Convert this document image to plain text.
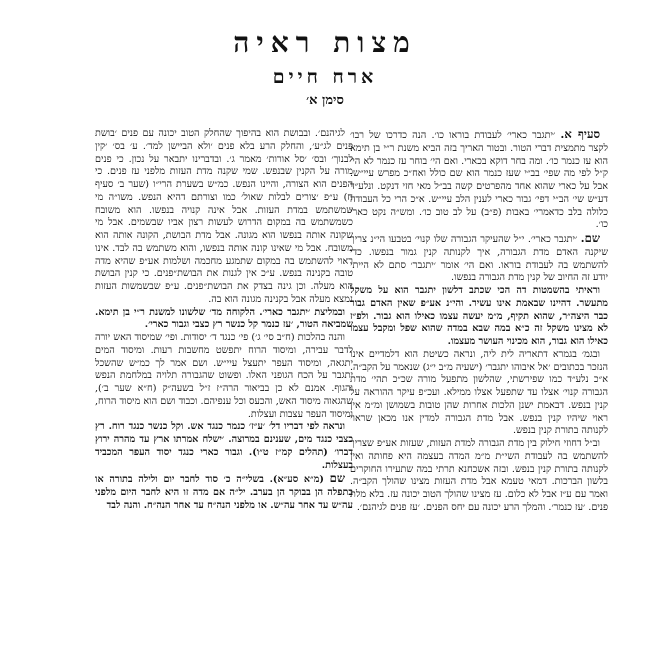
מצות ראיה
ארח חיים
סימן א׳

סעיף א. ׳יתגבר כארי׳ לעבודת בוראו כו׳. הנה כדרכו של רבו׳ לקצר מתמצית דברי הטור. ובטור האריך בזה הביא משנת ר״י בן תימא הוא עז כנמר כו׳. ומה בחר דוקא בכארי. ואם הי׳ בוחר עז כנמר לא הי׳ ק״ל לפי מה שפי׳ בב״י שעז כנמר הוא שם כולל ואח״כ מפרש עיי״ש. אבל על כארי שהוא אחד מהפרטים קשה בב״ל מאי חזי דנקט. ונלע״ד דע״ש שי׳ הב״י דפי׳ גבור כארי לענין הלב עיי״ש. א״כ הרי כל העבודה כלולה בלב כדאמרי׳ באבות (פ״ב) על לב טוב כו׳. ומש״ה נקט כארי כו׳.

שם. ׳יתגבר כארי׳. י״ל שהעיקר הגבורה שלו קנוי׳ בטבעו הי״נ צריך שיקנה האדם מדת הגבורה, איך לקנותה קנין גמור בנפשו. כדי להשתמש בה לעבודת בוראו. ואם הי׳ אומר ׳יתגבר׳ סתם לא הייתי יודע זה החיוב של קנין מדת הגבורה בנפשו.

וראיתי בהשמטות דה הכי שכתב דלשון יתגבר הוא על משקל מתעשר. דהיינו שבאמת אינו עשיר. והי״נ אע״פ שאין האדם גבור כבר היצה״ר, שהוא תקיף, מ״מ יעשה עצמו כאילו הוא גבור. ולפ״ז לא מצינו משקל זה כ״א במה שבא במדה שהוא שפל ומקבל עצמו כאילו הוא גבור, הוא מכינוי העושר מעצמו.

ובגמ׳ בגמרא דתאריה לית ליה, ונראה כשיטת הוא דלמדיים אינו הנזכר בכתובים ׳אל איבוהו יתגבר׳ (ישעיה מ״ב י״ג) שנאמר על הקב״ה. א״כ נלע״ד כמו שפירשתי, שהלשון מתפעל מורה שכ״כ תהי׳ מדת הגבורה קנוי׳ אצלו עד שתפעל אצלו ממילא. ועכ״פ עיקר ההוראה על קנין בנפש. דבאמת ישנן הלכות אחרות שהן טובות בשמושן ומ״מ אין ראוי שיהיו קנין בנפש. אבל מדת הגבורה למדין אנו מכאן שראוי לקנותה בתורת קנין בנפש.

וב״ל דחוזי חילוק בין מדת הגבורה למדת העזות, שעזות אע״פ שצריך להשתמש בה לעבודת השי״ת מ״מ המדה בעצמה היא פחותה ואין לקנותה בתורת קנין בנפש. ובזה אשכחנא תרתי במה שתעירו החוקרים בלשון הברכות. דמאי טעמא אבל מדת העזות מצינו שהולך הקב״ה. ואמר עם ע״ז אבל לא כלום. עז מצינו שהולך הטוב יכונה עז. בלא מלת פנים. ׳עז כנמר׳. והמלך הרע יכונה עם יחס הפנים. ׳עז פנים לגיהנם׳.

לגיהנם׳. ובבושת הוא בהיפוך שהחלק הטוב יכונה עם פנים ׳בושת פנים לג״ע׳, והחלק הרע בלא פנים ׳ולא הביישן למד׳. ע׳ בס׳ ׳קין לבנוך׳ ובס׳ ׳סל אורות׳ מאמר ג׳. ובדברינו יתבאר על נכון. כי פנים מורה על הקנין שבנפש. שמי שקנה מדת העזות מלפני עז פנים. כי הפנים הוא הצורה, והיינו הנפש. כמ״ש בשערת הרי״ו (שער ב׳ סעיף ח) ע״פ ׳צורים לבלות שאול׳ כמו וצורתם דהיא הנפש. משו״ה מי שמשתמש במדת העזות. אבל אינה קנויה בנפשו. הוא משובח כשמשתמש בה במקום הדרוש לעשות רצון אביו שבשמים. אבל מי שקונה אותה בנפשו הוא מגונה. אבל מדת הבושת, הקונה אותה הוא משובח. אבל מי שאינו קונה אותה בנפשו, והוא משתמש בה לבד. אינו ראוי להשתמש בה במקום שתמגע מחכמה ושלמות אע״פ שהיא מדה טובה בקנינה בנפש. ע״כ אין לגנות את הבושת״פנים. כי קנין הבושת הוא מעלה. וכן גינה בצדק את הבושת״פנים. ע״פ שבשמשות העזות נמצא מעלה אבל בקנינה מגונה הוא בה.

ובמליצת ׳יתגבר כארי׳. הלקוחה מד׳ שלשונו למשנת ר״י בן תימא. שמביאה הטור, ׳עז כנמר קל כנשר רץ כצבי וגבור כארי׳.

והנה בהלכות (ח״ב סי׳ ג׳) פי׳ כנגד ד׳ יסודות. ופי׳ שמיסוד האש יורה לדבר עבירה, ומיסוד הרוח יתפשט מחשבות רעות. ומיסוד המים יתגאה, ומיסוד העפר יתעצל עיי״ש. ושם אמר לך כמ״ש שהשכל יתגבר על הכח הגופני האלו. ופשוט שהגבורה תלויה במלחמת הנפש והגוף. אמנם לא כן בביאור הרה״ז ז״ל בשעה״ק (ח״א שער ב׳), שהגאוה מיסוד האש, והכעס וכל ענפיהם. וכבוד ושם הוא מיסוד הרוח, ומיסוד העפר עצבות ועצלות.

ונראה לפי דבריו דל׳ ׳ע״ז׳ כנמר כנגד אש. וקל כנשר כנגד רוח. רץ כצבי כנגד מים, שענינם במרוצה. ׳ישלח אמרתו ארץ עד מהרה ירוץ דברו׳ (תהלים קמ״ז ט״ו). וגבור כארי כנגד יסוד העפר המכביד בעצלות.

שם (מ״א סע״א). בשלי״ה כ׳ סוד לחבר יום ולילה בתורה או בתפלה הן בבוקר הן בערב. יל״ה אם מדה זו היא לחבר היום מלפני עה״ש עד אחר עה״ש. או מלפני הנה״ח עד אחר הנה״ח. והנה לבד
